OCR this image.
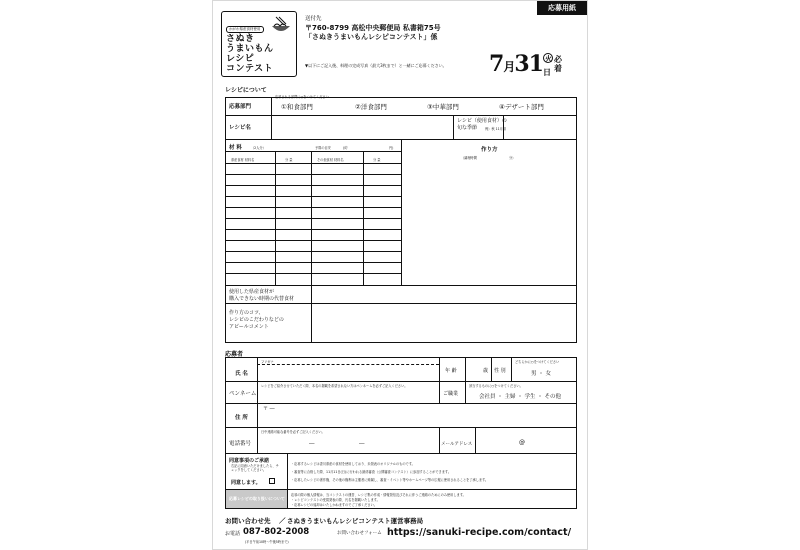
応募用紙
かがわ県産食材使用
さぬき
うまいもん
レシピ
コンテスト
送付先
〒760-8799 高松中央郵便局 私書箱75号
「さぬきうまいもんレシピコンテスト」係
▼以下にご記入後、料理の完成写真（最大3枚まで）と一緒にご応募ください。 7月31 火日必着
レシピについて
応募される部門に○をつけてください
応募部門	①和食部門	②洋食部門	③中華部門	④デザート部門
レシピ名
レシピ（使用食材）の
旬な季節 例）秋 11月頃
材 料	（2人分）	予算の目安	(約	円)	作り方
（調理時間	分）
県産食材 材料名	分 量	その他食材 材料名	分 量
使用した県産食材が
購入できない時期の代替食材
作り方のコツ、
レシピのこだわりなどの
アピールコメント
応募者
フリガナ
氏 名	年 齢	歳 性 別
どちらかに○をつけてください
男 ・ 女
ペンネーム
レシピをご紹介させていただく際、本名の掲載を希望されない方はペンネームを必ずご記入ください。
ご職業
該当するものに○をつけてください。
会社員 ・ 主婦 ・ 学生 ・ その他
住 所
〒 ―
電話番号
日中連絡可能な番号を必ずご記入ください。
―	―	メールアドレス	@
同意事項のご承諾
右記に同意いただけましたら、チェックをしてください。
同意します。
・応募するレシピは香川県産の食材を使用しており、未発表のオリジナルのものです。
・審査等に合格した際、11月11日(日)に行われる最終審査（公開審査コンテスト）に参加することができます。
・応募したレシピの著作権、その他の権利は主催者に帰属し、審査・イベント等やホームページ等の広報に使用されることを了承します。
応募レシピの取り扱いについて
応募の際の個人情報は、当コンテストの運営、レシピ集の作成・情報発信及びそれに伴うご連絡のためにのみ使用します。
・レシピコンテストの受賞発表の際、氏名を掲載いたします。
・応募レシピの返却はいたしかねますのでご了承ください。
お問い合わせ先 ／ さぬきうまいもんレシピコンテスト運営事務局
お電話 087-802-2008
(平日午前10時〜午後5時まで)
お問い合わせフォーム https://sanuki-recipe.com/contact/
